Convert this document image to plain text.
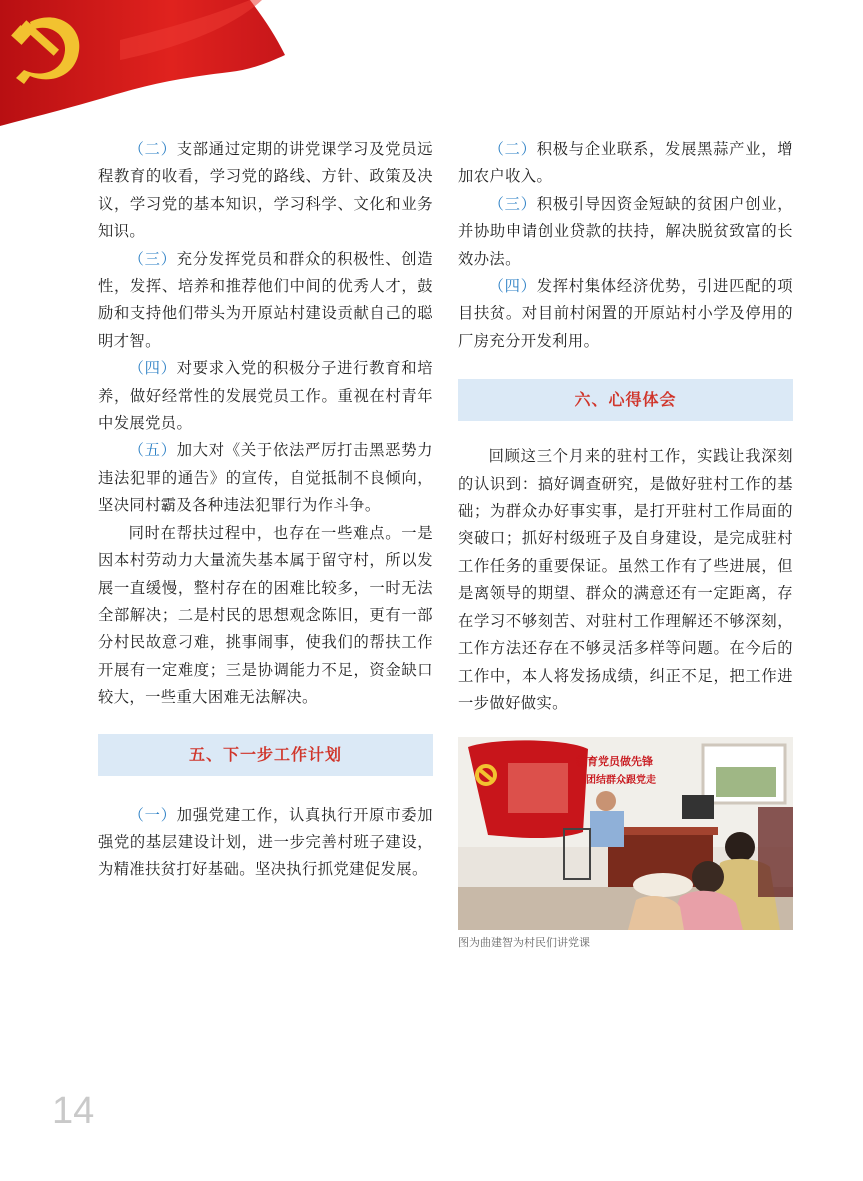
（二）支部通过定期的讲党课学习及党员远程教育的收看，学习党的路线、方针、政策及决议，学习党的基本知识，学习科学、文化和业务知识。

（三）充分发挥党员和群众的积极性、创造性，发挥、培养和推荐他们中间的优秀人才，鼓励和支持他们带头为开原站村建设贡献自己的聪明才智。

（四）对要求入党的积极分子进行教育和培养，做好经常性的发展党员工作。重视在村青年中发展党员。

（五）加大对《关于依法严厉打击黑恶势力违法犯罪的通告》的宣传，自觉抵制不良倾向，坚决同村霸及各种违法犯罪行为作斗争。

同时在帮扶过程中，也存在一些难点。一是因本村劳动力大量流失基本属于留守村，所以发展一直缓慢，整村存在的困难比较多，一时无法全部解决；二是村民的思想观念陈旧，更有一部分村民故意刁难，挑事闹事，使我们的帮扶工作开展有一定难度；三是协调能力不足，资金缺口较大，一些重大困难无法解决。

五、下一步工作计划

（一）加强党建工作，认真执行开原市委加强党的基层建设计划，进一步完善村班子建设，为精准扶贫打好基础。坚决执行抓党建促发展。

（二）积极与企业联系，发展黑蒜产业，增加农户收入。

（三）积极引导因资金短缺的贫困户创业，并协助申请创业贷款的扶持，解决脱贫致富的长效办法。

（四）发挥村集体经济优势，引进匹配的项目扶贫。对目前村闲置的开原站村小学及停用的厂房充分开发利用。

六、心得体会

回顾这三个月来的驻村工作，实践让我深刻的认识到：搞好调查研究，是做好驻村工作的基础；为群众办好事实事，是打开驻村工作局面的突破口；抓好村级班子及自身建设，是完成驻村工作任务的重要保证。虽然工作有了些进展，但是离领导的期望、群众的满意还有一定距离，存在学习不够刻苦、对驻村工作理解还不够深刻，工作方法还存在不够灵活多样等问题。在今后的工作中，本人将发扬成绩，纠正不足，把工作进一步做好做实。

教育党员做先锋
团结群众跟党走
图为曲建智为村民们讲党课
14
